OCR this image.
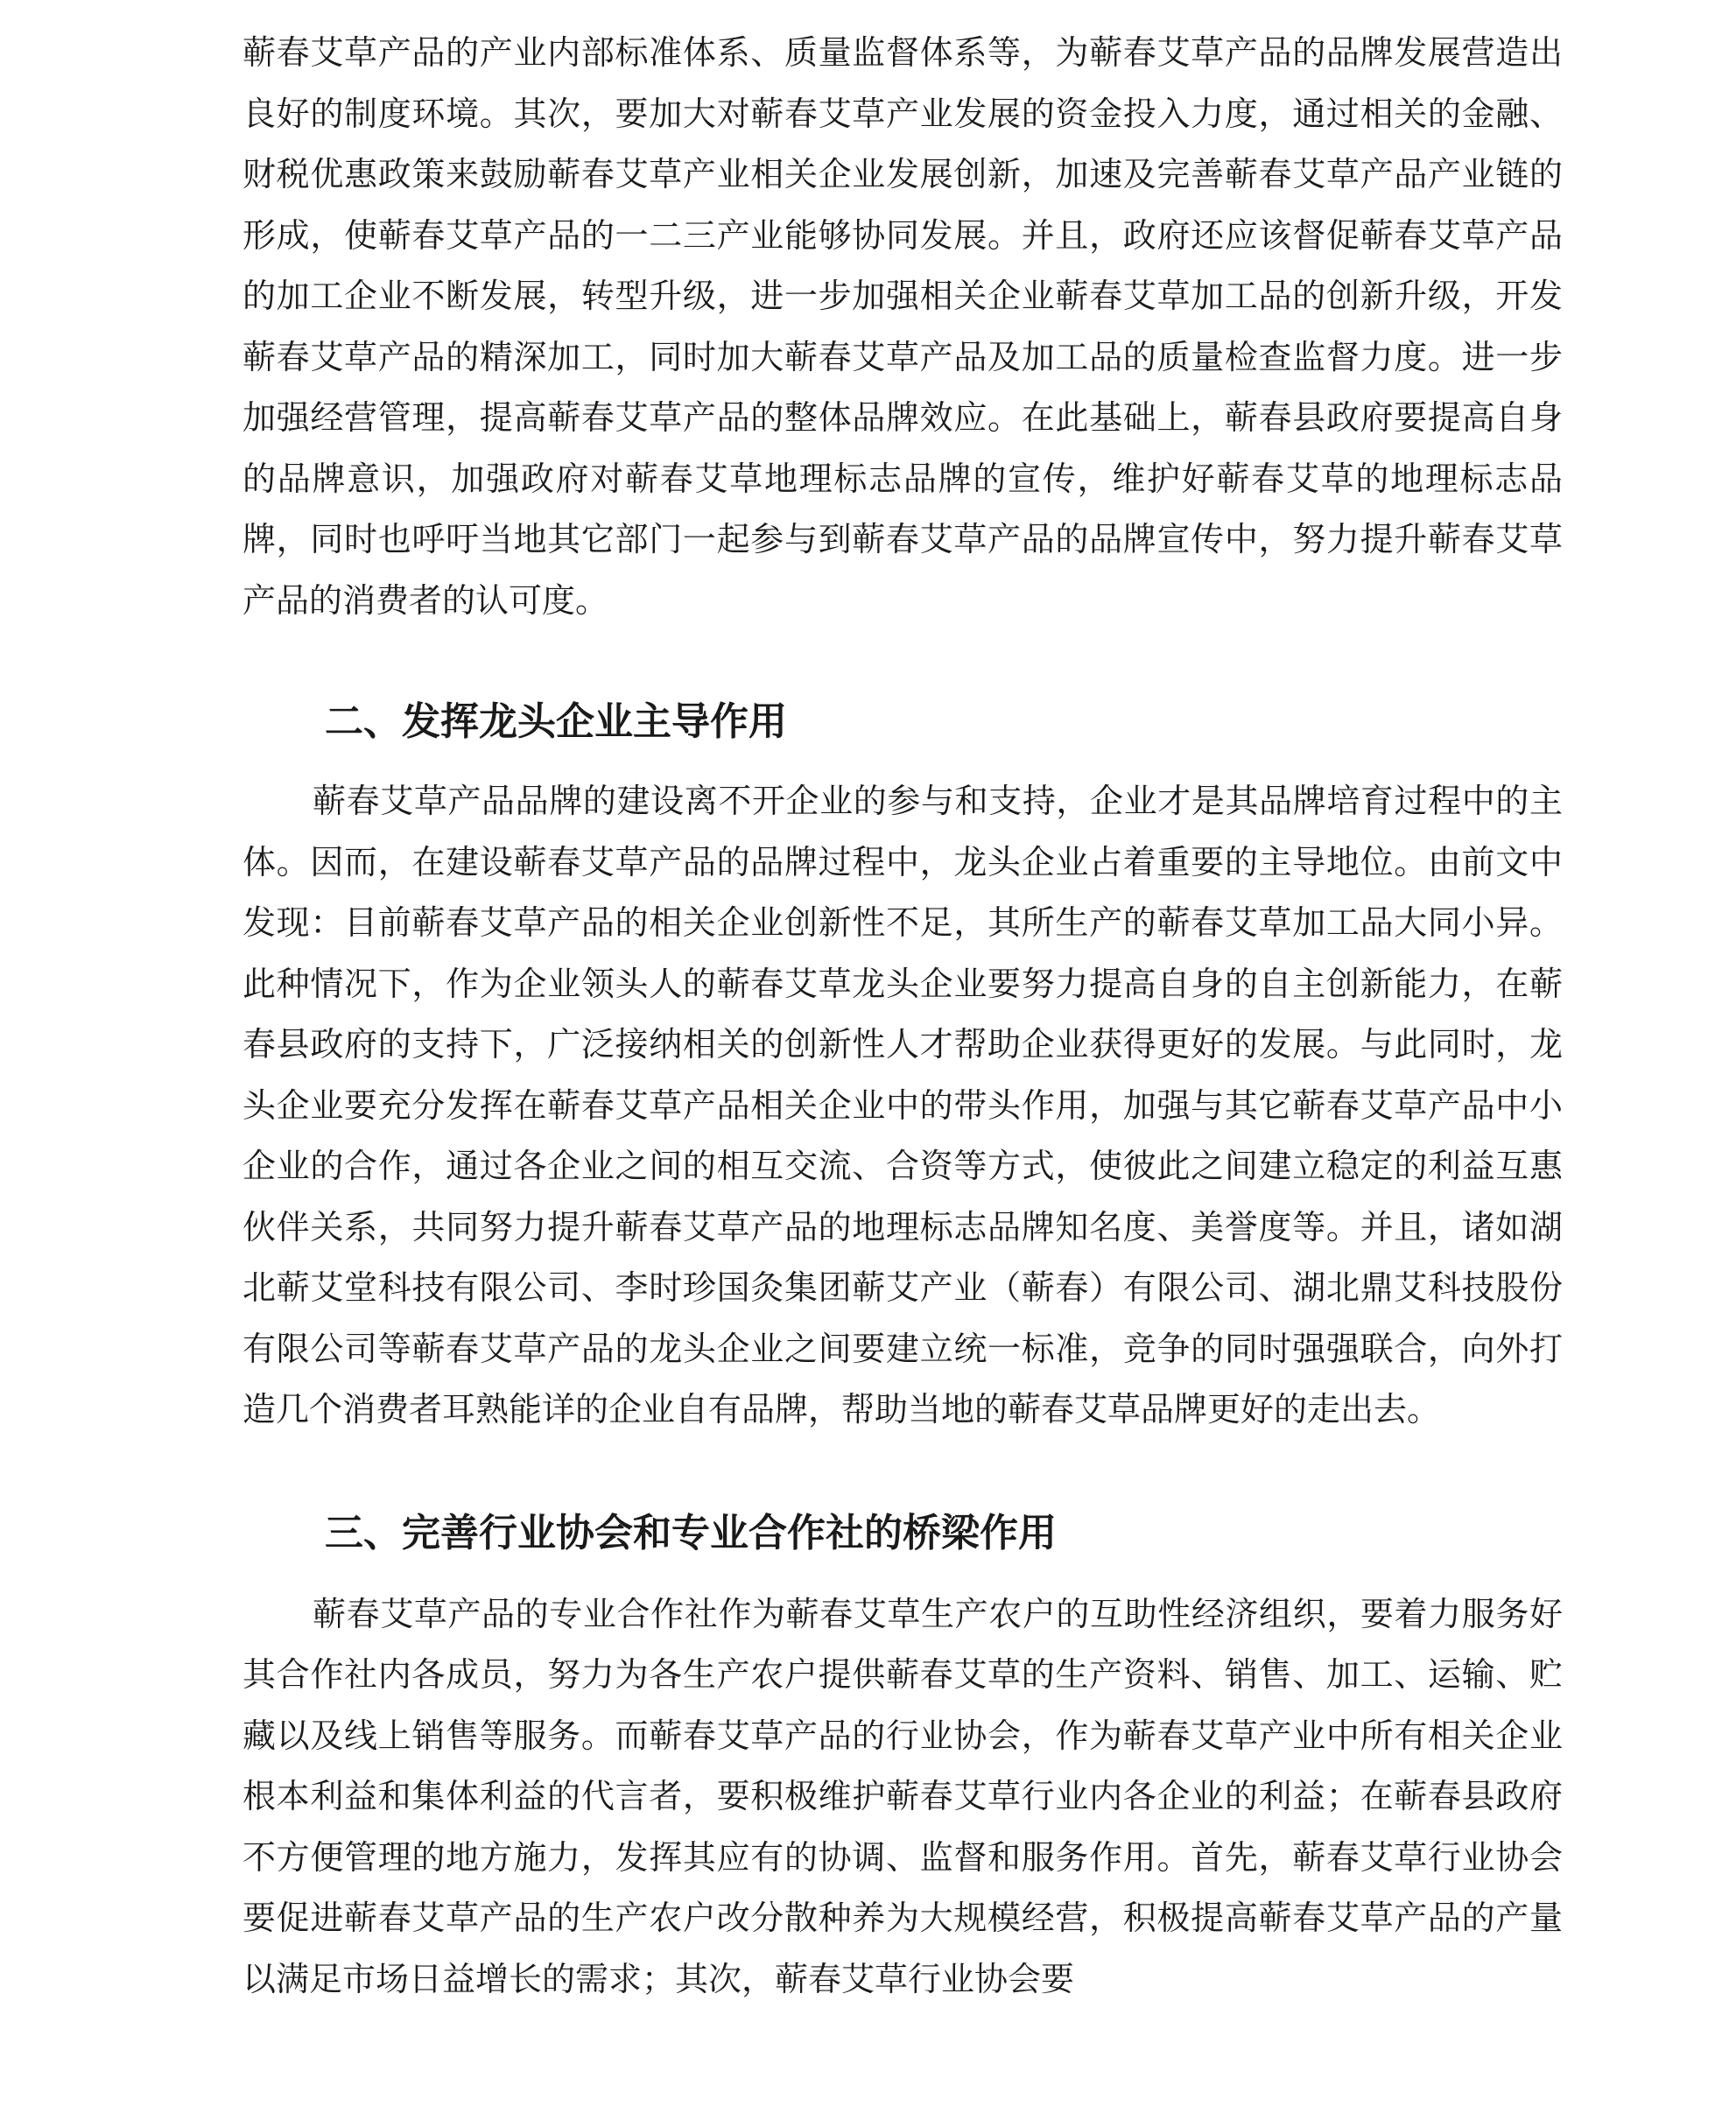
蕲春艾草产品的产业内部标准体系、质量监督体系等，为蕲春艾草产品的品牌发展营造出良好的制度环境。其次，要加大对蕲春艾草产业发展的资金投入力度，通过相关的金融、财税优惠政策来鼓励蕲春艾草产业相关企业发展创新，加速及完善蕲春艾草产品产业链的形成，使蕲春艾草产品的一二三产业能够协同发展。并且，政府还应该督促蕲春艾草产品的加工企业不断发展，转型升级，进一步加强相关企业蕲春艾草加工品的创新升级，开发蕲春艾草产品的精深加工，同时加大蕲春艾草产品及加工品的质量检查监督力度。进一步加强经营管理，提高蕲春艾草产品的整体品牌效应。在此基础上，蕲春县政府要提高自身的品牌意识，加强政府对蕲春艾草地理标志品牌的宣传，维护好蕲春艾草的地理标志品牌，同时也呼吁当地其它部门一起参与到蕲春艾草产品的品牌宣传中，努力提升蕲春艾草产品的消费者的认可度。

二、发挥龙头企业主导作用

蕲春艾草产品品牌的建设离不开企业的参与和支持，企业才是其品牌培育过程中的主体。因而，在建设蕲春艾草产品的品牌过程中，龙头企业占着重要的主导地位。由前文中发现：目前蕲春艾草产品的相关企业创新性不足，其所生产的蕲春艾草加工品大同小异。此种情况下，作为企业领头人的蕲春艾草龙头企业要努力提高自身的自主创新能力，在蕲春县政府的支持下，广泛接纳相关的创新性人才帮助企业获得更好的发展。与此同时，龙头企业要充分发挥在蕲春艾草产品相关企业中的带头作用，加强与其它蕲春艾草产品中小企业的合作，通过各企业之间的相互交流、合资等方式，使彼此之间建立稳定的利益互惠伙伴关系，共同努力提升蕲春艾草产品的地理标志品牌知名度、美誉度等。并且，诸如湖北蕲艾堂科技有限公司、李时珍国灸集团蕲艾产业（蕲春）有限公司、湖北鼎艾科技股份有限公司等蕲春艾草产品的龙头企业之间要建立统一标准，竞争的同时强强联合，向外打造几个消费者耳熟能详的企业自有品牌，帮助当地的蕲春艾草品牌更好的走出去。

三、完善行业协会和专业合作社的桥梁作用

蕲春艾草产品的专业合作社作为蕲春艾草生产农户的互助性经济组织，要着力服务好其合作社内各成员，努力为各生产农户提供蕲春艾草的生产资料、销售、加工、运输、贮藏以及线上销售等服务。而蕲春艾草产品的行业协会，作为蕲春艾草产业中所有相关企业根本利益和集体利益的代言者，要积极维护蕲春艾草行业内各企业的利益；在蕲春县政府不方便管理的地方施力，发挥其应有的协调、监督和服务作用。首先，蕲春艾草行业协会要促进蕲春艾草产品的生产农户改分散种养为大规模经营，积极提高蕲春艾草产品的产量以满足市场日益增长的需求；其次，蕲春艾草行业协会要
